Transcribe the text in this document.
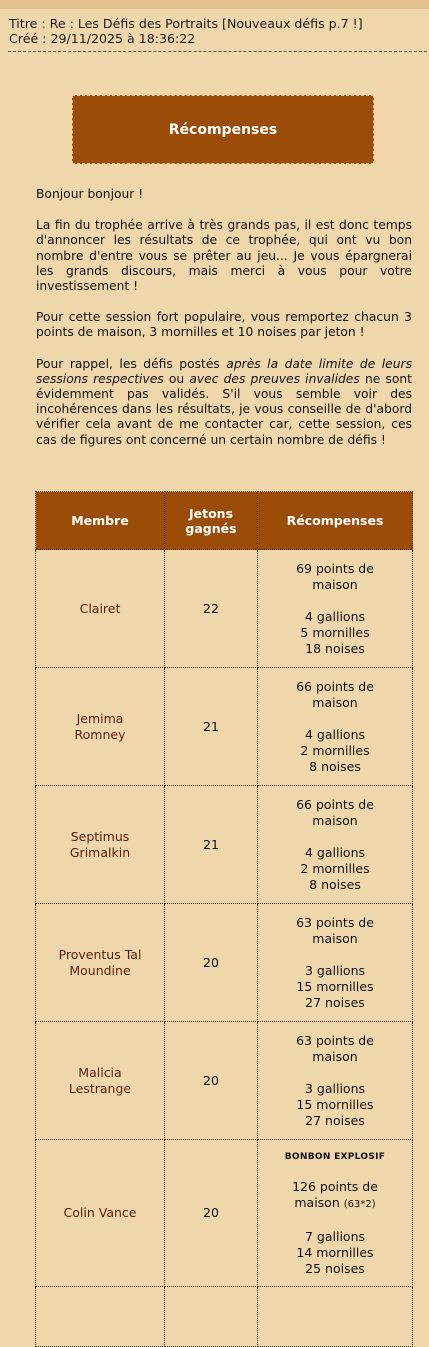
Titre : Re : Les Défis des Portraits [Nouveaux défis p.7 !]
Créé : 29/11/2025 à 18:36:22
Récompenses

Bonjour bonjour !

La fin du trophée arrive à très grands pas, il est donc temps d'annoncer les résultats de ce trophée, qui ont vu bon nombre d'entre vous se prêter au jeu... Je vous épargnerai les grands discours, mais merci à vous pour votre investissement !

Pour cette session fort populaire, vous remportez chacun 3 points de maison, 3 mornilles et 10 noises par jeton !

Pour rappel, les défis postés après la date limite de leurs sessions respectives ou avec des preuves invalides ne sont évidemment pas validés. S'il vous semble voir des incohérences dans les résultats, je vous conseille de d'abord vérifier cela avant de me contacter car, cette session, ces cas de figures ont concerné un certain nombre de défis !

Membre	Jetons gagnés	Récompenses
Clairet	22	69 points de maison
4 gallions
5 mornilles
18 noises

Jemima Romney	21	66 points de maison
4 gallions
2 mornilles
8 noises

Septimus Grimalkin	21	66 points de maison
4 gallions
2 mornilles
8 noises

Proventus Tal Moundine	20	63 points de maison
3 gallions
15 mornilles
27 noises

Malicia Lestrange	20	63 points de maison
3 gallions
15 mornilles
27 noises

Colin Vance	20	BONBON EXPLOSIF
126 points de maison (63*2)
7 gallions
14 mornilles
25 noises
